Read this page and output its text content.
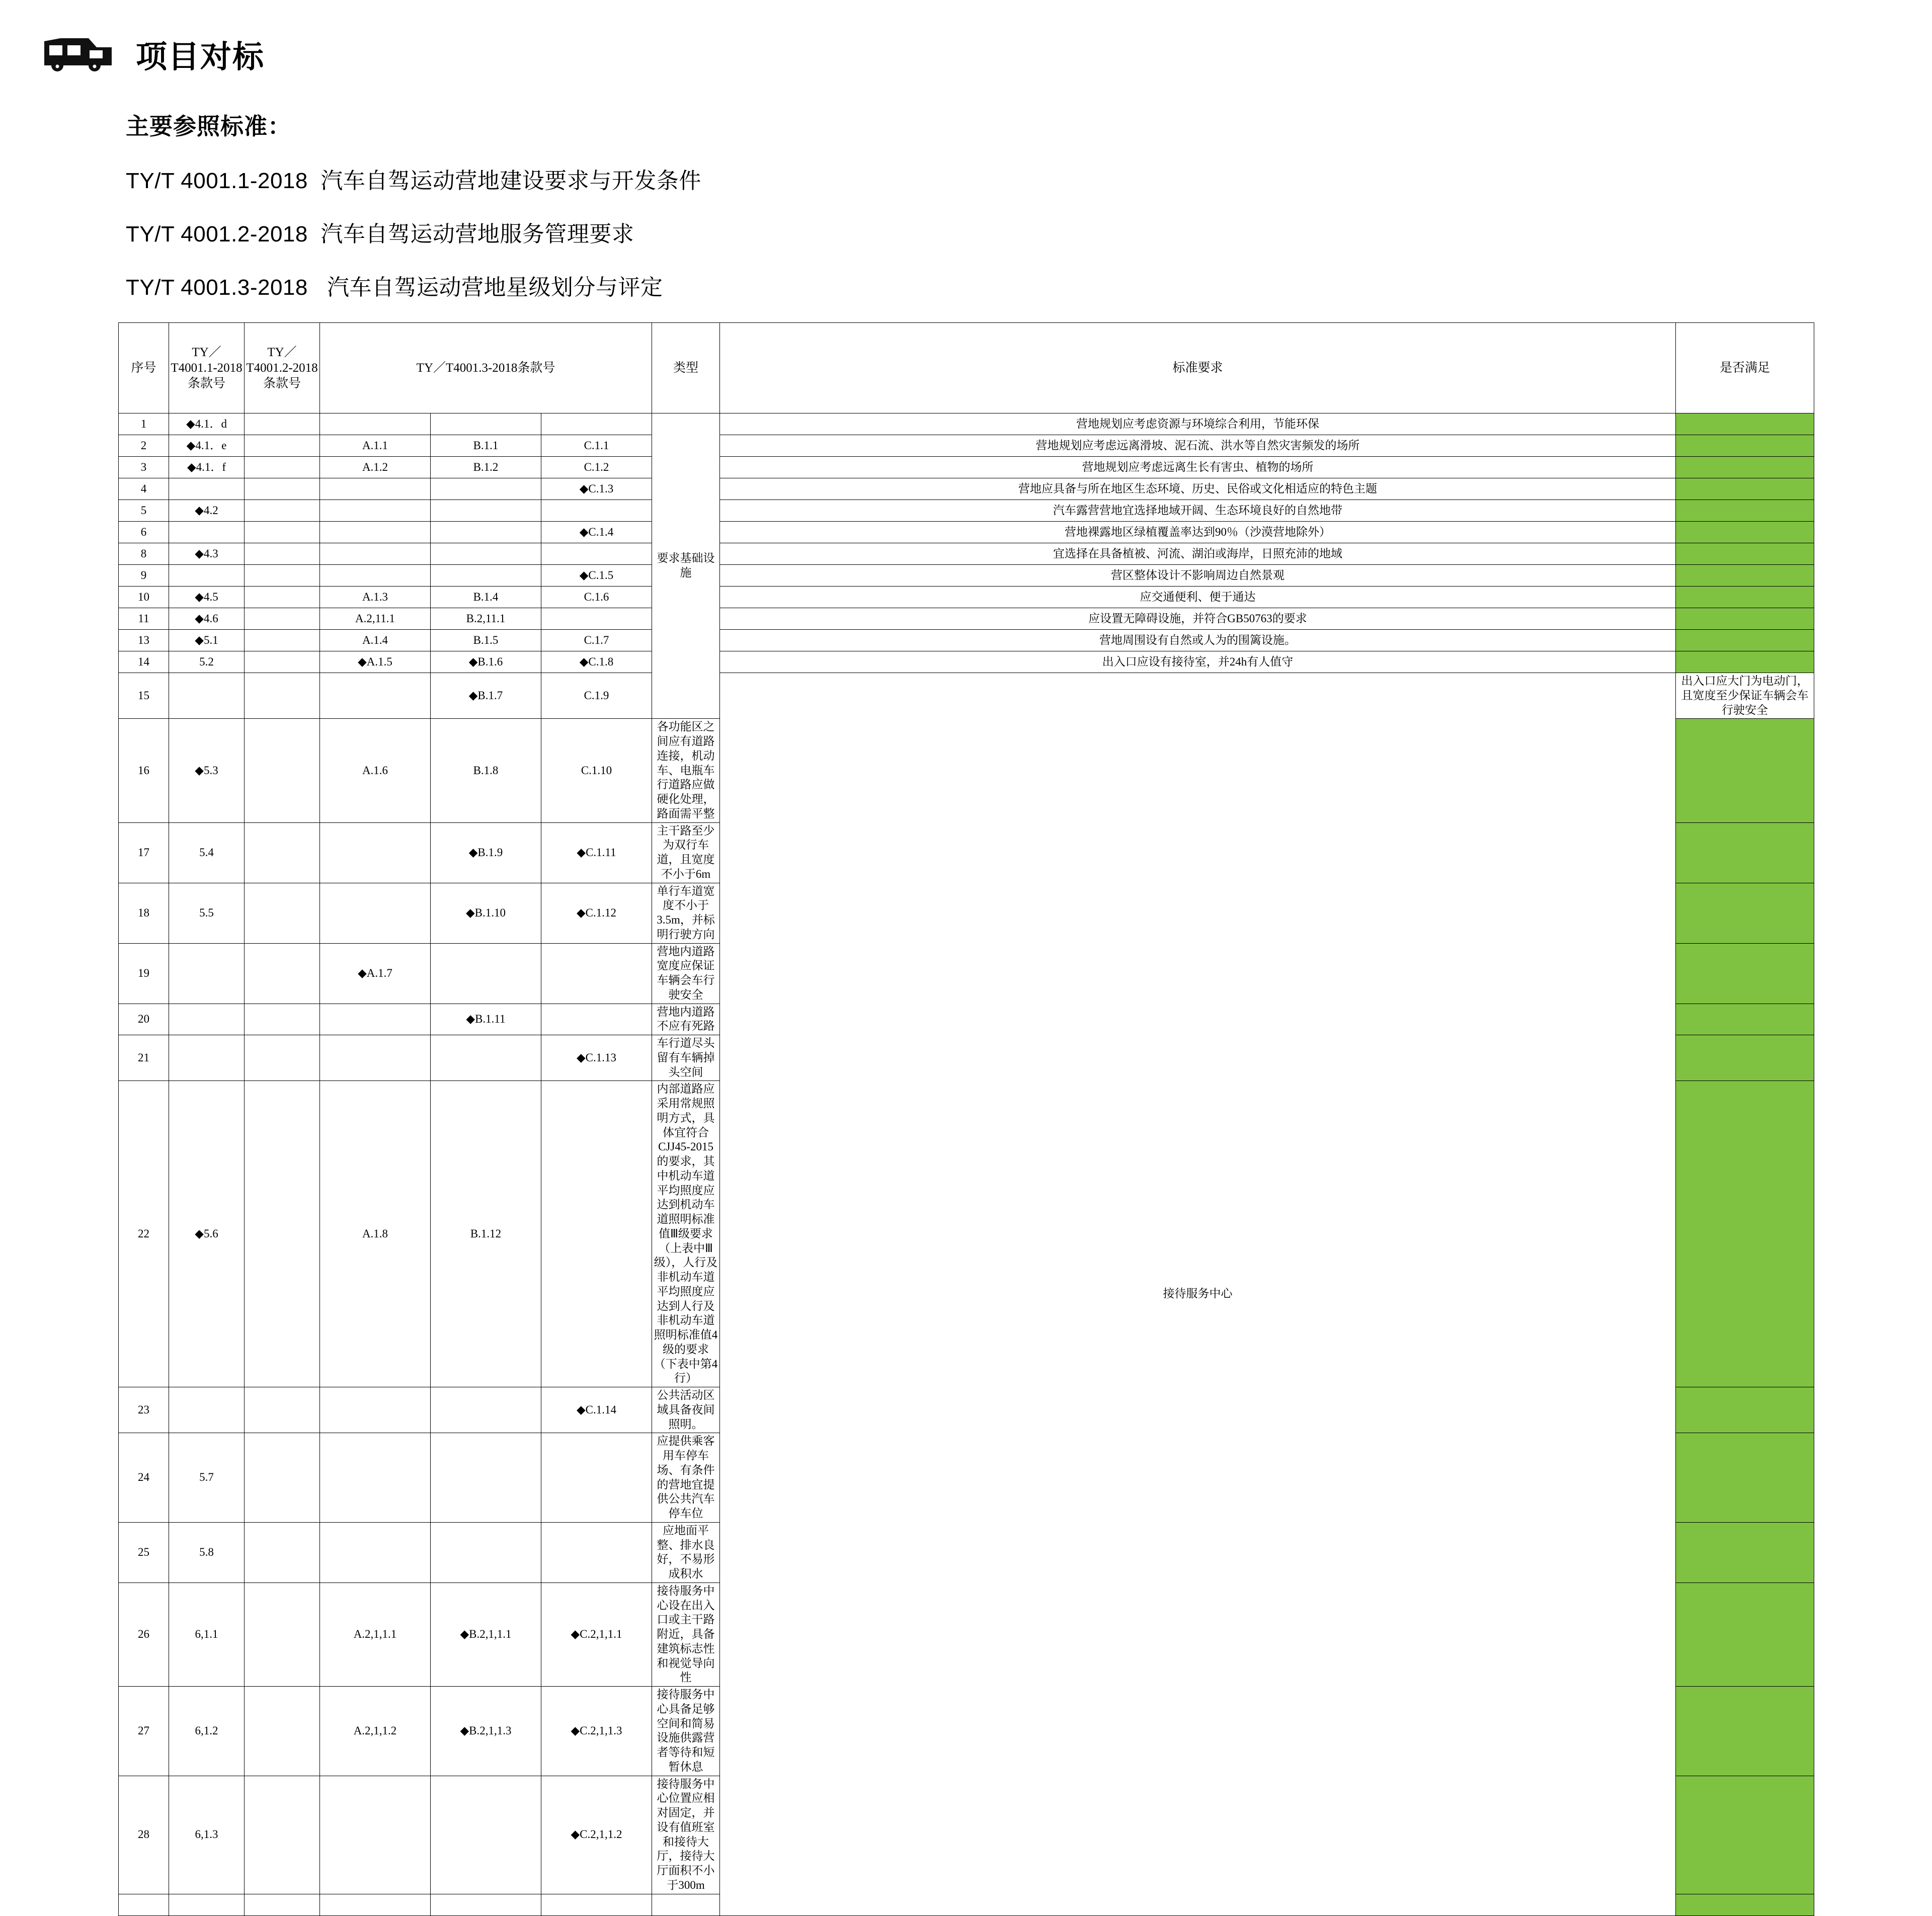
项目对标
主要参照标准：
TY/T 4001.1-2018  汽车自驾运动营地建设要求与开发条件
TY/T 4001.2-2018  汽车自驾运动营地服务管理要求
TY/T 4001.3-2018   汽车自驾运动营地星级划分与评定
序号	TY／T4001.1-2018条款号	TY／T4001.2-2018条款号	TY／T4001.3-2018条款号			类型	标准要求	是否满足	
1	◆4.1．d					要求基础设施	营地规划应考虑资源与环境综合利用，节能环保		
2	◆4.1．e		A.1.1	B.1.1	C.1.1		营地规划应考虑远离滑坡、泥石流、洪水等自然灾害频发的场所		
3	◆4.1．f		A.1.2	B.1.2	C.1.2		营地规划应考虑远离生长有害虫、植物的场所		
4					◆C.1.3		营地应具备与所在地区生态环境、历史、民俗或文化相适应的特色主题		
5	◆4.2						汽车露营营地宜选择地域开阔、生态环境良好的自然地带		
6					◆C.1.4		营地裸露地区绿植覆盖率达到90％（沙漠营地除外）		
8	◆4.3						宜选择在具备植被、河流、湖泊或海岸，日照充沛的地域		
9					◆C.1.5		营区整体设计不影响周边自然景观		
10	◆4.5		A.1.3	B.1.4	C.1.6		应交通便利、便于通达		
11	◆4.6		A.2,11.1	B.2,11.1			应设置无障碍设施，并符合GB50763的要求		
13	◆5.1		A.1.4	B.1.5	C.1.7		营地周围设有自然或人为的围篱设施。		
14	5.2		◆A.1.5	◆B.1.6	◆C.1.8		出入口应设有接待室，并24h有人值守		
15				◆B.1.7	C.1.9		接待服务中心	出入口应大门为电动门，且宽度至少保证车辆会车行驶安全	
16	◆5.3		A.1.6	B.1.8	C.1.10	各功能区之间应有道路连接，机动车、电瓶车行道路应做硬化处理，路面需平整			
17	5.4			◆B.1.9	◆C.1.11	主干路至少为双行车道，且宽度不小于6m			
18	5.5			◆B.1.10	◆C.1.12	单行车道宽度不小于3.5m，并标明行驶方向			
19			◆A.1.7			营地内道路宽度应保证车辆会车行驶安全			
20				◆B.1.11		营地内道路不应有死路			
21					◆C.1.13	车行道尽头留有车辆掉头空间			
22	◆5.6		A.1.8	B.1.12		内部道路应采用常规照明方式，具体宜符合CJJ45-2015的要求，其中机动车道平均照度应达到机动车道照明标准值Ⅲ级要求（上表中Ⅲ级），人行及非机动车道平均照度应达到人行及非机动车道照明标准值4级的要求（下表中第4行）			
23					◆C.1.14	公共活动区域具备夜间照明。			
24	5.7					应提供乘客用车停车场、有条件的营地宜提供公共汽车停车位			
25	5.8					应地面平整、排水良好，不易形成积水			
26	6,1.1		A.2,1,1.1	◆B.2,1,1.1	◆C.2,1,1.1	接待服务中心设在出入口或主干路附近，具备建筑标志性和视觉导向性			
27	6,1.2		A.2,1,1.2	◆B.2,1,1.3	◆C.2,1,1.3	接待服务中心具备足够空间和简易设施供露营者等待和短暂休息			
28	6,1.3				◆C.2,1,1.2	接待服务中心位置应相对固定，并设有值班室和接待大厅，接待大厅面积不小于300m			
